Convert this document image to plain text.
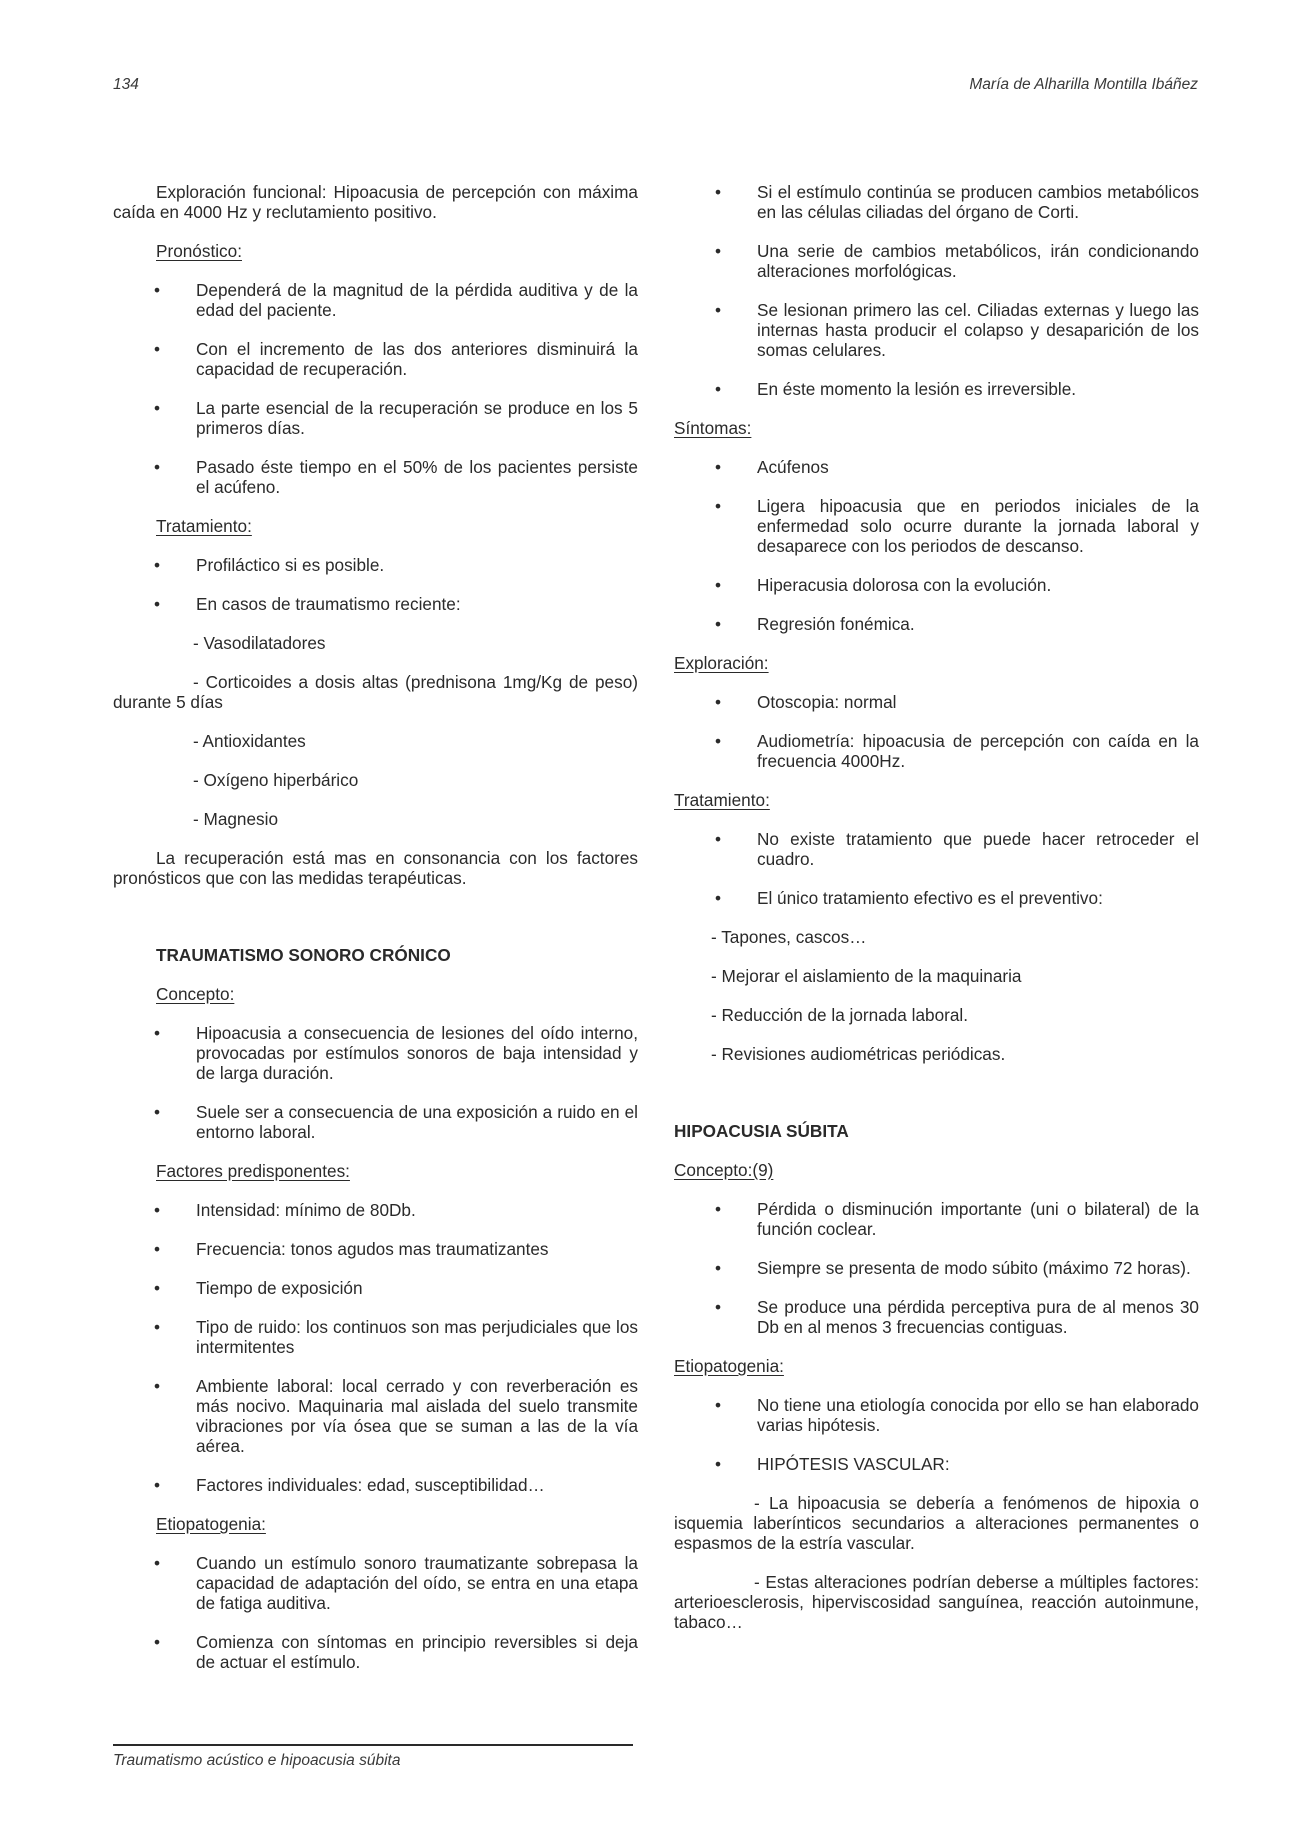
134	María de Alharilla Montilla Ibáñez

Exploración funcional: Hipoacusia de percepción con máxima caída en 4000 Hz y reclutamiento positivo.

Pronóstico:

• Dependerá de la magnitud de la pérdida auditiva y de la edad del paciente.
• Con el incremento de las dos anteriores disminuirá la capacidad de recuperación.
• La parte esencial de la recuperación se produce en los 5 primeros días.
• Pasado éste tiempo en el 50% de los pacientes persiste el acúfeno.

Tratamiento:

• Profiláctico si es posible.
• En casos de traumatismo reciente:

- Vasodilatadores

- Corticoides a dosis altas (prednisona 1mg/Kg de peso) durante 5 días

- Antioxidantes

- Oxígeno hiperbárico

- Magnesio

La recuperación está mas en consonancia con los factores pronósticos que con las medidas terapéuticas.

TRAUMATISMO SONORO CRÓNICO

Concepto:

• Hipoacusia a consecuencia de lesiones del oído interno, provocadas por estímulos sonoros de baja intensidad y de larga duración.
• Suele ser a consecuencia de una exposición a ruido en el entorno laboral.

Factores predisponentes:

• Intensidad: mínimo de 80Db.
• Frecuencia: tonos agudos mas traumatizantes
• Tiempo de exposición
• Tipo de ruido: los continuos son mas perjudiciales que los intermitentes
• Ambiente laboral: local cerrado y con reverberación es más nocivo. Maquinaria mal aislada del suelo transmite vibraciones por vía ósea que se suman a las de la vía aérea.
• Factores individuales: edad, susceptibilidad…

Etiopatogenia:

• Cuando un estímulo sonoro traumatizante sobrepasa la capacidad de adaptación del oído, se entra en una etapa de fatiga auditiva.
• Comienza con síntomas en principio reversibles si deja de actuar el estímulo.
• Si el estímulo continúa se producen cambios metabólicos en las células ciliadas del órgano de Corti.
• Una serie de cambios metabólicos, irán condicionando alteraciones morfológicas.
• Se lesionan primero las cel. Ciliadas externas y luego las internas hasta producir el colapso y desaparición de los somas celulares.
• En éste momento la lesión es irreversible.

Síntomas:

• Acúfenos
• Ligera hipoacusia que en periodos iniciales de la enfermedad solo ocurre durante la jornada laboral y desaparece con los periodos de descanso.
• Hiperacusia dolorosa con la evolución.
• Regresión fonémica.

Exploración:

• Otoscopia: normal
• Audiometría: hipoacusia de percepción con caída en la frecuencia 4000Hz.

Tratamiento:

• No existe tratamiento que puede hacer retroceder el cuadro.
• El único tratamiento efectivo es el preventivo:

- Tapones, cascos…

- Mejorar el aislamiento de la maquinaria

- Reducción de la jornada laboral.

- Revisiones audiométricas periódicas.

HIPOACUSIA SÚBITA

Concepto:(9)

• Pérdida o disminución importante (uni o bilateral) de la función coclear.
• Siempre se presenta de modo súbito (máximo 72 horas).
• Se produce una pérdida perceptiva pura de al menos 30 Db en al menos 3 frecuencias contiguas.

Etiopatogenia:

• No tiene una etiología conocida por ello se han elaborado varias hipótesis.
• HIPÓTESIS VASCULAR:

- La hipoacusia se debería a fenómenos de hipoxia o isquemia laberínticos secundarios a alteraciones permanentes o espasmos de la estría vascular.

- Estas alteraciones podrían deberse a múltiples factores: arterioesclerosis, hiperviscosidad sanguínea, reacción autoinmune, tabaco…

Traumatismo acústico e hipoacusia súbita
